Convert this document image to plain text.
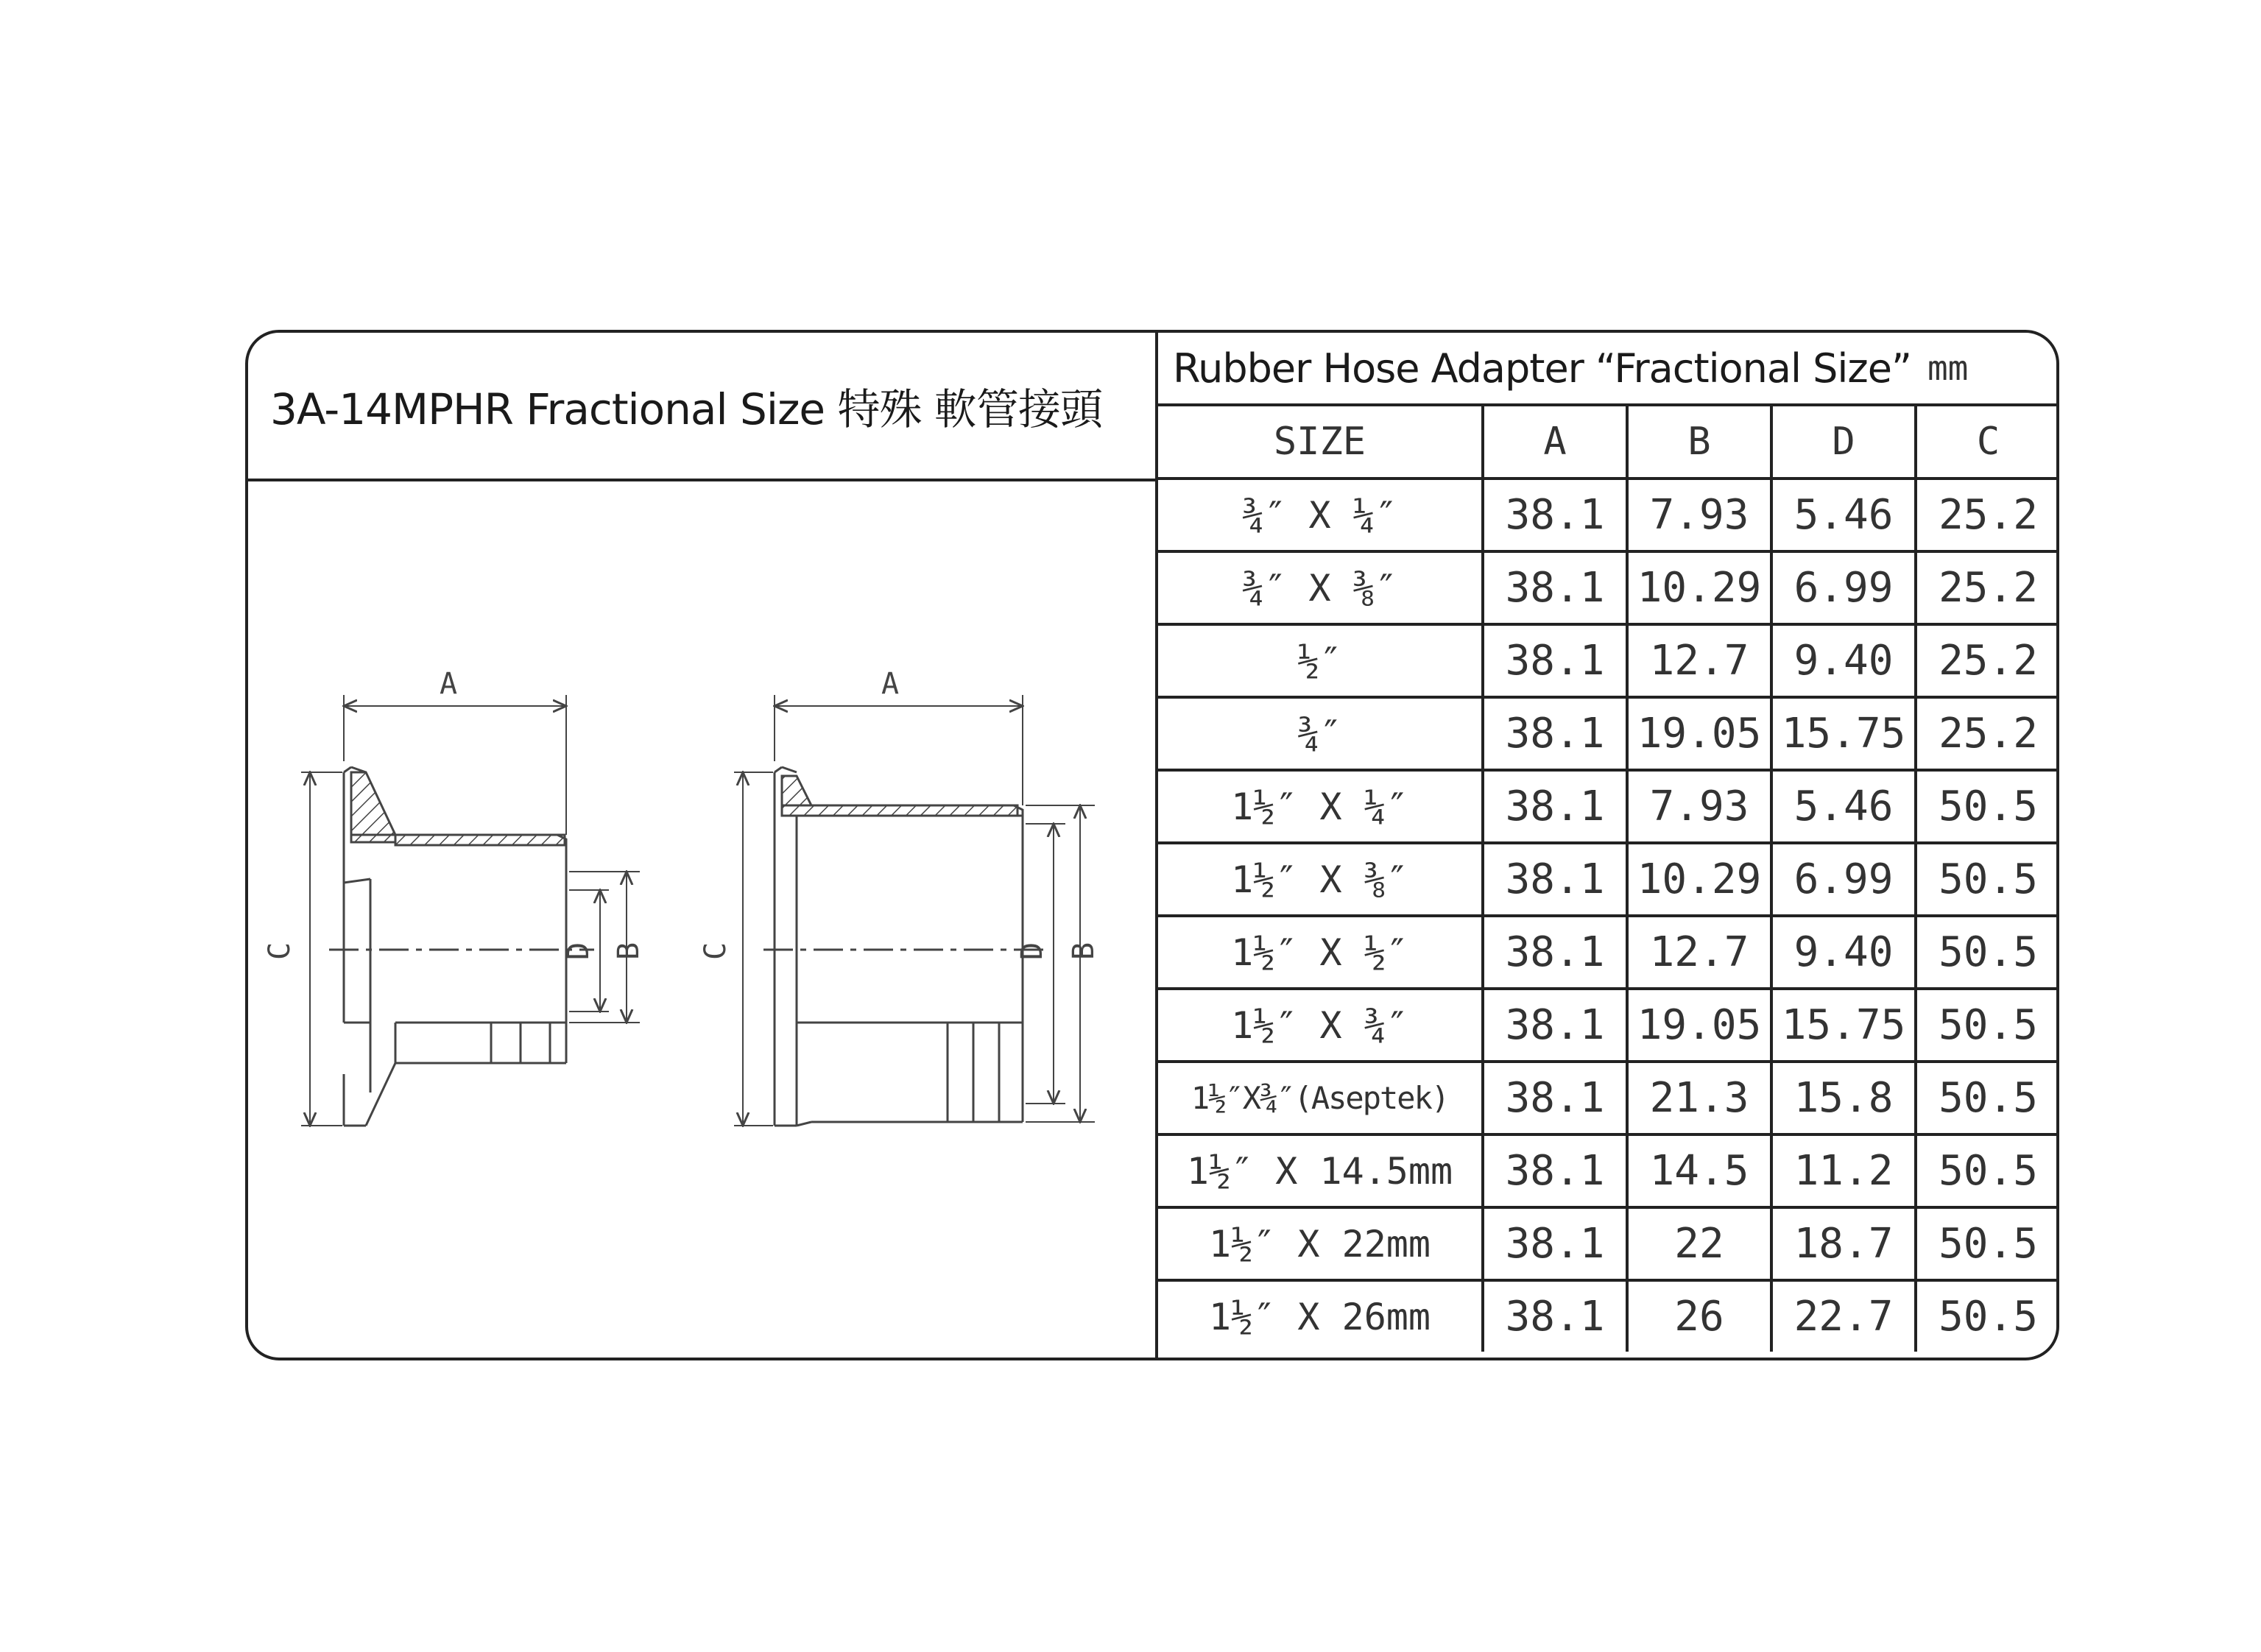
3A-14MPHR Fractional Size 特殊 軟管接頭
A
C	D B
A
C	D B
Rubber Hose Adapter “Fractional Size” mm
SIZE	A	B	D	C
¾″ X ¼″	38.1	7.93	5.46	25.2
¾″ X ⅜″	38.1	10.29	6.99	25.2
½″	38.1	12.7	9.40	25.2
¾″	38.1	19.05	15.75	25.2
1½″ X ¼″	38.1	7.93	5.46	50.5
1½″ X ⅜″	38.1	10.29	6.99	50.5
1½″ X ½″	38.1	12.7	9.40	50.5
1½″ X ¾″	38.1	19.05	15.75	50.5
1½″X¾″(Aseptek)	38.1	21.3	15.8	50.5
1½″ X 14.5mm	38.1	14.5	11.2	50.5
1½″ X 22mm	38.1	22	18.7	50.5
1½″ X 26mm	38.1	26	22.7	50.5
